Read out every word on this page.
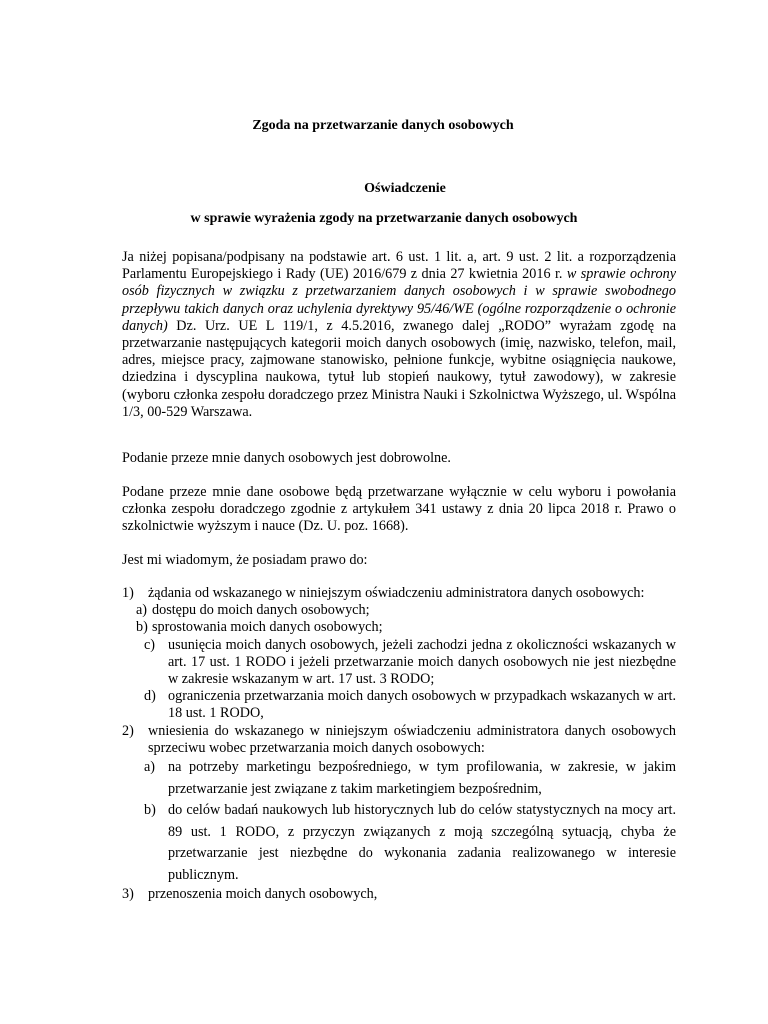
Zgoda na przetwarzanie danych osobowych
Oświadczenie
w sprawie wyrażenia zgody na przetwarzanie danych osobowych

Ja niżej popisana/podpisany na podstawie art. 6 ust. 1 lit. a, art. 9 ust. 2 lit. a rozporządzenia Parlamentu Europejskiego i Rady (UE) 2016/679 z dnia 27 kwietnia 2016 r. w sprawie ochrony osób fizycznych w związku z przetwarzaniem danych osobowych i w sprawie swobodnego przepływu takich danych oraz uchylenia dyrektywy 95/46/WE (ogólne rozporządzenie o ochronie danych) Dz. Urz. UE L 119/1, z 4.5.2016, zwanego dalej „RODO” wyrażam zgodę na przetwarzanie następujących kategorii moich danych osobowych (imię, nazwisko, telefon, mail, adres, miejsce pracy, zajmowane stanowisko, pełnione funkcje, wybitne osiągnięcia naukowe, dziedzina i dyscyplina naukowa, tytuł lub stopień naukowy, tytuł zawodowy), w zakresie (wyboru członka zespołu doradczego przez Ministra Nauki i Szkolnictwa Wyższego, ul. Wspólna 1/3, 00-529 Warszawa.

Podanie przeze mnie danych osobowych jest dobrowolne.

Podane przeze mnie dane osobowe będą przetwarzane wyłącznie w celu wyboru i powołania członka zespołu doradczego zgodnie z artykułem 341 ustawy z dnia 20 lipca 2018 r. Prawo o szkolnictwie wyższym i nauce (Dz. U. poz. 1668).

Jest mi wiadomym, że posiadam prawo do:

1) żądania od wskazanego w niniejszym oświadczeniu administratora danych osobowych:
a) dostępu do moich danych osobowych;
b) sprostowania moich danych osobowych;
c) usunięcia moich danych osobowych, jeżeli zachodzi jedna z okoliczności wskazanych w art. 17 ust. 1 RODO i jeżeli przetwarzanie moich danych osobowych nie jest niezbędne w zakresie wskazanym w art. 17 ust. 3 RODO;
d) ograniczenia przetwarzania moich danych osobowych w przypadkach wskazanych w art. 18 ust. 1 RODO,
2) wniesienia do wskazanego w niniejszym oświadczeniu administratora danych osobowych sprzeciwu wobec przetwarzania moich danych osobowych:
a) na potrzeby marketingu bezpośredniego, w tym profilowania, w zakresie, w jakim przetwarzanie jest związane z takim marketingiem bezpośrednim,
b) do celów badań naukowych lub historycznych lub do celów statystycznych na mocy art. 89 ust. 1 RODO, z przyczyn związanych z moją szczególną sytuacją, chyba że przetwarzanie jest niezbędne do wykonania zadania realizowanego w interesie publicznym.
3) przenoszenia moich danych osobowych,
